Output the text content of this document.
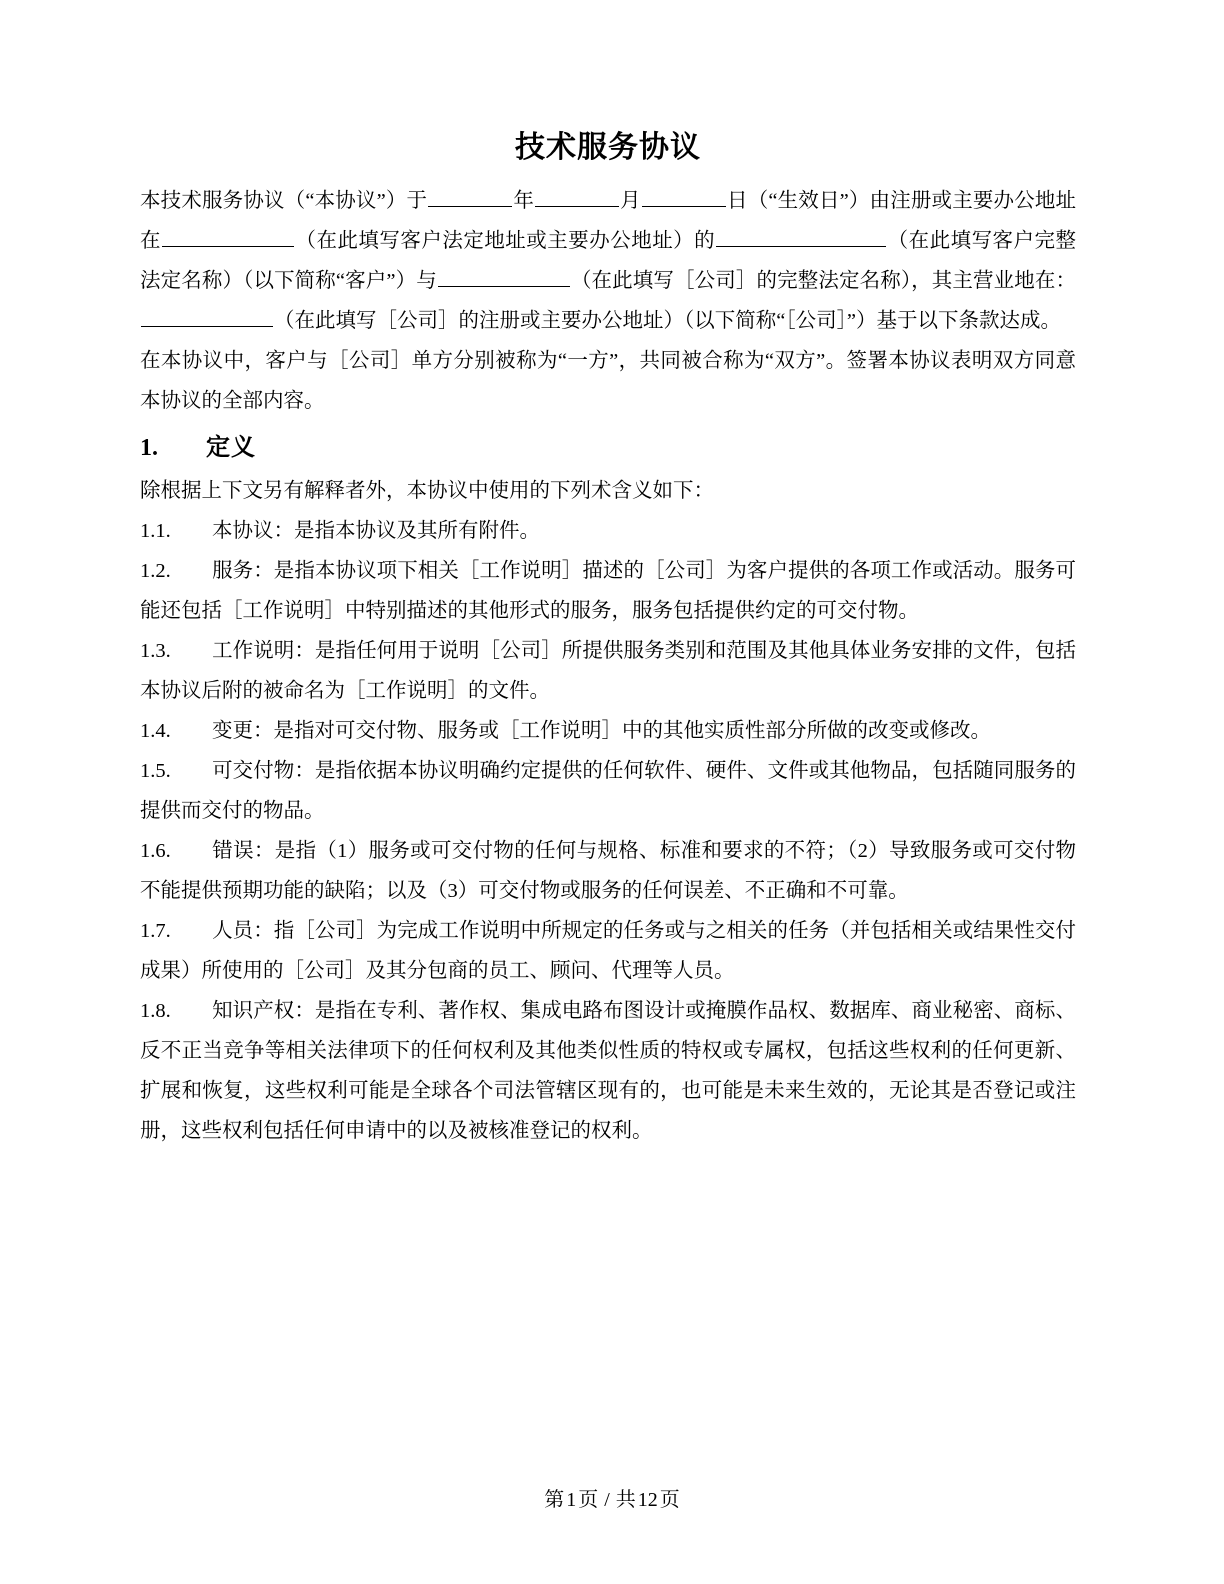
技术服务协议

本技术服务协议（“本协议”）于	年	月	日（“生效日”）由注册或主要办公地址在	（在此填写客户法定地址或主要办公地址）的	（在此填写客户完整法定名称）（以下简称“客户”）与	（在此填写［公司］的完整法定名称），其主营业地在：（在此填写［公司］的注册或主要办公地址）（以下简称“［公司］”）基于以下条款达成。

在本协议中，客户与［公司］单方分别被称为“一方”，共同被合称为“双方”。签署本协议表明双方同意本协议的全部内容。

1.	定义

除根据上下文另有解释者外，本协议中使用的下列术含义如下：

1.1. 本协议：是指本协议及其所有附件。

1.2. 服务：是指本协议项下相关［工作说明］描述的［公司］为客户提供的各项工作或活动。服务可能还包括［工作说明］中特别描述的其他形式的服务，服务包括提供约定的可交付物。

1.3. 工作说明：是指任何用于说明［公司］所提供服务类别和范围及其他具体业务安排的文件，包括本协议后附的被命名为［工作说明］的文件。

1.4. 变更：是指对可交付物、服务或［工作说明］中的其他实质性部分所做的改变或修改。

1.5. 可交付物：是指依据本协议明确约定提供的任何软件、硬件、文件或其他物品，包括随同服务的提供而交付的物品。

1.6. 错误：是指（1）服务或可交付物的任何与规格、标准和要求的不符；（2）导致服务或可交付物不能提供预期功能的缺陷；以及（3）可交付物或服务的任何误差、不正确和不可靠。

1.7. 人员：指［公司］为完成工作说明中所规定的任务或与之相关的任务（并包括相关或结果性交付成果）所使用的［公司］及其分包商的员工、顾问、代理等人员。

1.8. 知识产权：是指在专利、著作权、集成电路布图设计或掩膜作品权、数据库、商业秘密、商标、反不正当竞争等相关法律项下的任何权利及其他类似性质的特权或专属权，包括这些权利的任何更新、扩展和恢复，这些权利可能是全球各个司法管辖区现有的，也可能是未来生效的，无论其是否登记或注册，这些权利包括任何申请中的以及被核准登记的权利。

第 1 页 / 共 12 页
